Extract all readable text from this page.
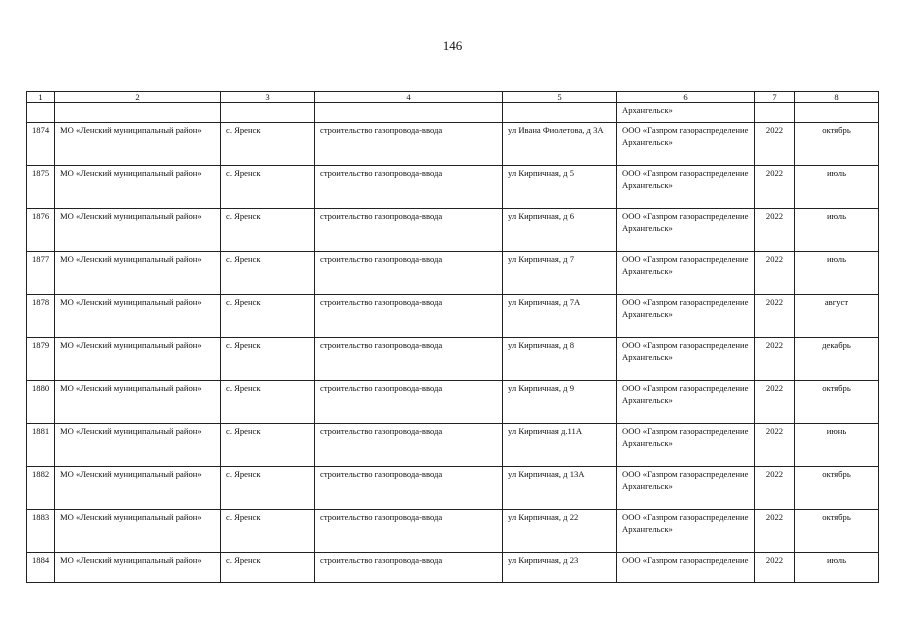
146
1	2	3	4	5	6	7	8
					Архангельск»		
1874	МО «Ленский муниципальный район»	с. Яренск	строительство газопровода-ввода	ул Ивана Фиолетова, д 3А	ООО «Газпром газораспределение Архангельск»	2022	октябрь
1875	МО «Ленский муниципальный район»	с. Яренск	строительство газопровода-ввода	ул Кирпичная, д 5	ООО «Газпром газораспределение Архангельск»	2022	июль
1876	МО «Ленский муниципальный район»	с. Яренск	строительство газопровода-ввода	ул Кирпичная, д 6	ООО «Газпром газораспределение Архангельск»	2022	июль
1877	МО «Ленский муниципальный район»	с. Яренск	строительство газопровода-ввода	ул Кирпичная, д 7	ООО «Газпром газораспределение Архангельск»	2022	июль
1878	МО «Ленский муниципальный район»	с. Яренск	строительство газопровода-ввода	ул Кирпичная, д 7А	ООО «Газпром газораспределение Архангельск»	2022	август
1879	МО «Ленский муниципальный район»	с. Яренск	строительство газопровода-ввода	ул Кирпичная, д 8	ООО «Газпром газораспределение Архангельск»	2022	декабрь
1880	МО «Ленский муниципальный район»	с. Яренск	строительство газопровода-ввода	ул Кирпичная, д 9	ООО «Газпром газораспределение Архангельск»	2022	октябрь
1881	МО «Ленский муниципальный район»	с. Яренск	строительство газопровода-ввода	ул Кирпичная д.11А	ООО «Газпром газораспределение Архангельск»	2022	июнь
1882	МО «Ленский муниципальный район»	с. Яренск	строительство газопровода-ввода	ул Кирпичная, д 13А	ООО «Газпром газораспределение Архангельск»	2022	октябрь
1883	МО «Ленский муниципальный район»	с. Яренск	строительство газопровода-ввода	ул Кирпичная, д 22	ООО «Газпром газораспределение Архангельск»	2022	октябрь
1884	МО «Ленский муниципальный район»	с. Яренск	строительство газопровода-ввода	ул Кирпичная, д 23	ООО «Газпром газораспределение	2022	июль
